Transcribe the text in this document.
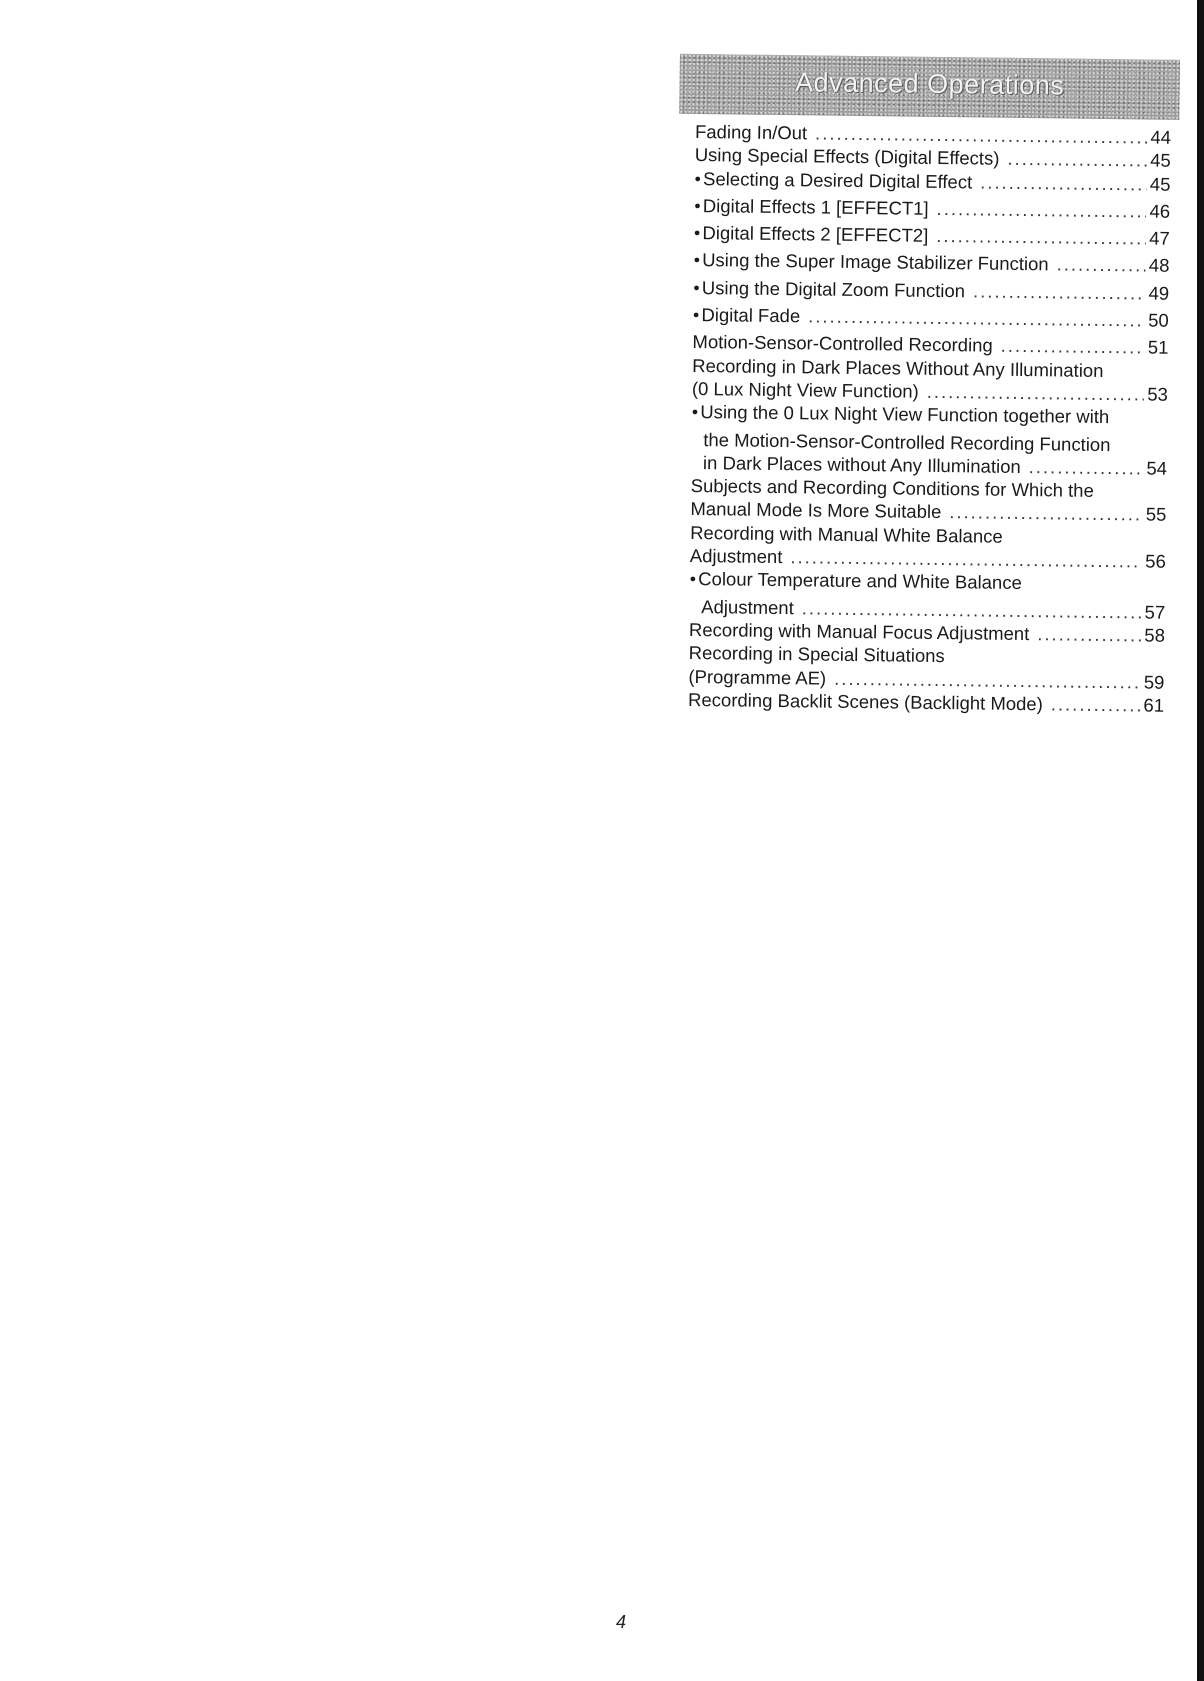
Advanced Operations
Fading In/Out .....	44
Using Special Effects (Digital Effects) .....	45
● Selecting a Desired Digital Effect .....	45
● Digital Effects 1 [EFFECT1] .....	46
● Digital Effects 2 [EFFECT2] .....	47
● Using the Super Image Stabilizer Function .....	48
● Using the Digital Zoom Function .....	49
● Digital Fade .....	50
Motion-Sensor-Controlled Recording .....	51
Recording in Dark Places Without Any Illumination
(0 Lux Night View Function) .....	53
● Using the 0 Lux Night View Function together with
the Motion-Sensor-Controlled Recording Function
in Dark Places without Any Illumination .....	54
Subjects and Recording Conditions for Which the
Manual Mode Is More Suitable .....	55
Recording with Manual White Balance
Adjustment .....	56
● Colour Temperature and White Balance
Adjustment .....	57
Recording with Manual Focus Adjustment .....	58
Recording in Special Situations
(Programme AE) .....	59
Recording Backlit Scenes (Backlight Mode) .....	61
4
